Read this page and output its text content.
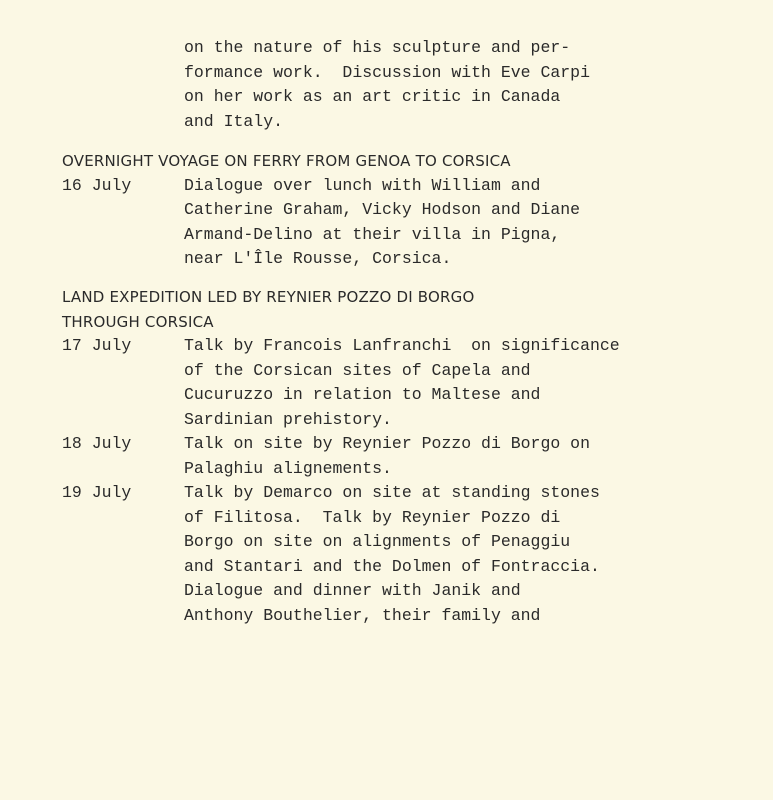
on the nature of his sculpture and per-
formance work.  Discussion with Eve Carpi
on her work as an art critic in Canada
and Italy.
OVERNIGHT VOYAGE ON FERRY FROM GENOA TO CORSICA
16 July	Dialogue over lunch with William and
Catherine Graham, Vicky Hodson and Diane
Armand-Delino at their villa in Pigna,
near L'Île Rousse, Corsica.
LAND EXPEDITION LED BY REYNIER POZZO DI BORGO
THROUGH CORSICA
17 July	Talk by Francois Lanfranchi  on significance
of the Corsican sites of Capela and
Cucuruzzo in relation to Maltese and
Sardinian prehistory.
18 July	Talk on site by Reynier Pozzo di Borgo on
Palaghiu alignements.
19 July	Talk by Demarco on site at standing stones
of Filitosa.  Talk by Reynier Pozzo di
Borgo on site on alignments of Penaggiu
and Stantari and the Dolmen of Fontraccia.
Dialogue and dinner with Janik and
Anthony Bouthelier, their family and
